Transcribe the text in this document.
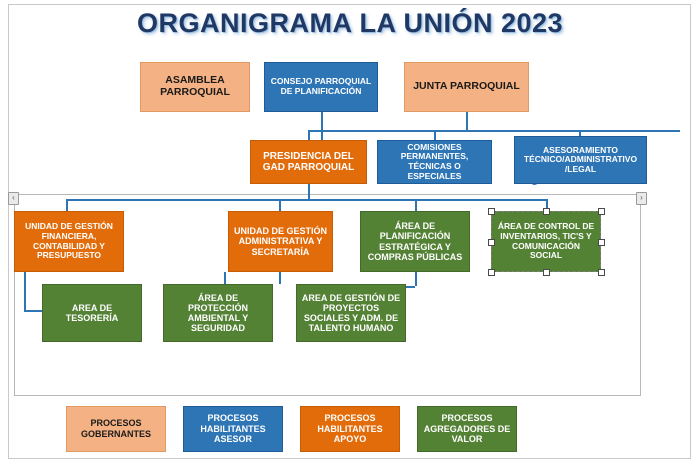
ORGANIGRAMA LA UNIÓN 2023
‹	›
ASAMBLEA PARROQUIAL
CONSEJO PARROQUIAL DE PLANIFICACIÓN	JUNTA PARROQUIAL
PRESIDENCIA DEL GAD PARROQUIAL
COMISIONES PERMANENTES, TÉCNICAS O ESPECIALES
ASESORAMIENTO TÉCNICO/ADMINISTRATIVO /LEGAL
UNIDAD DE GESTIÓN FINANCIERA, CONTABILIDAD Y PRESUPUESTO
UNIDAD DE GESTIÓN ADMINISTRATIVA Y SECRETARÍA
ÁREA DE PLANIFICACIÓN ESTRATÉGICA Y COMPRAS PÚBLICAS
ÁREA DE CONTROL DE INVENTARIOS, TIC'S Y COMUNICACIÓN SOCIAL
AREA DE TESORERÍA
ÁREA DE PROTECCIÓN AMBIENTAL Y SEGURIDAD
AREA DE GESTIÓN DE PROYECTOS SOCIALES Y ADM. DE TALENTO HUMANO
PROCESOS GOBERNANTES
PROCESOS HABILITANTES ASESOR
PROCESOS HABILITANTES APOYO
PROCESOS AGREGADORES DE VALOR
